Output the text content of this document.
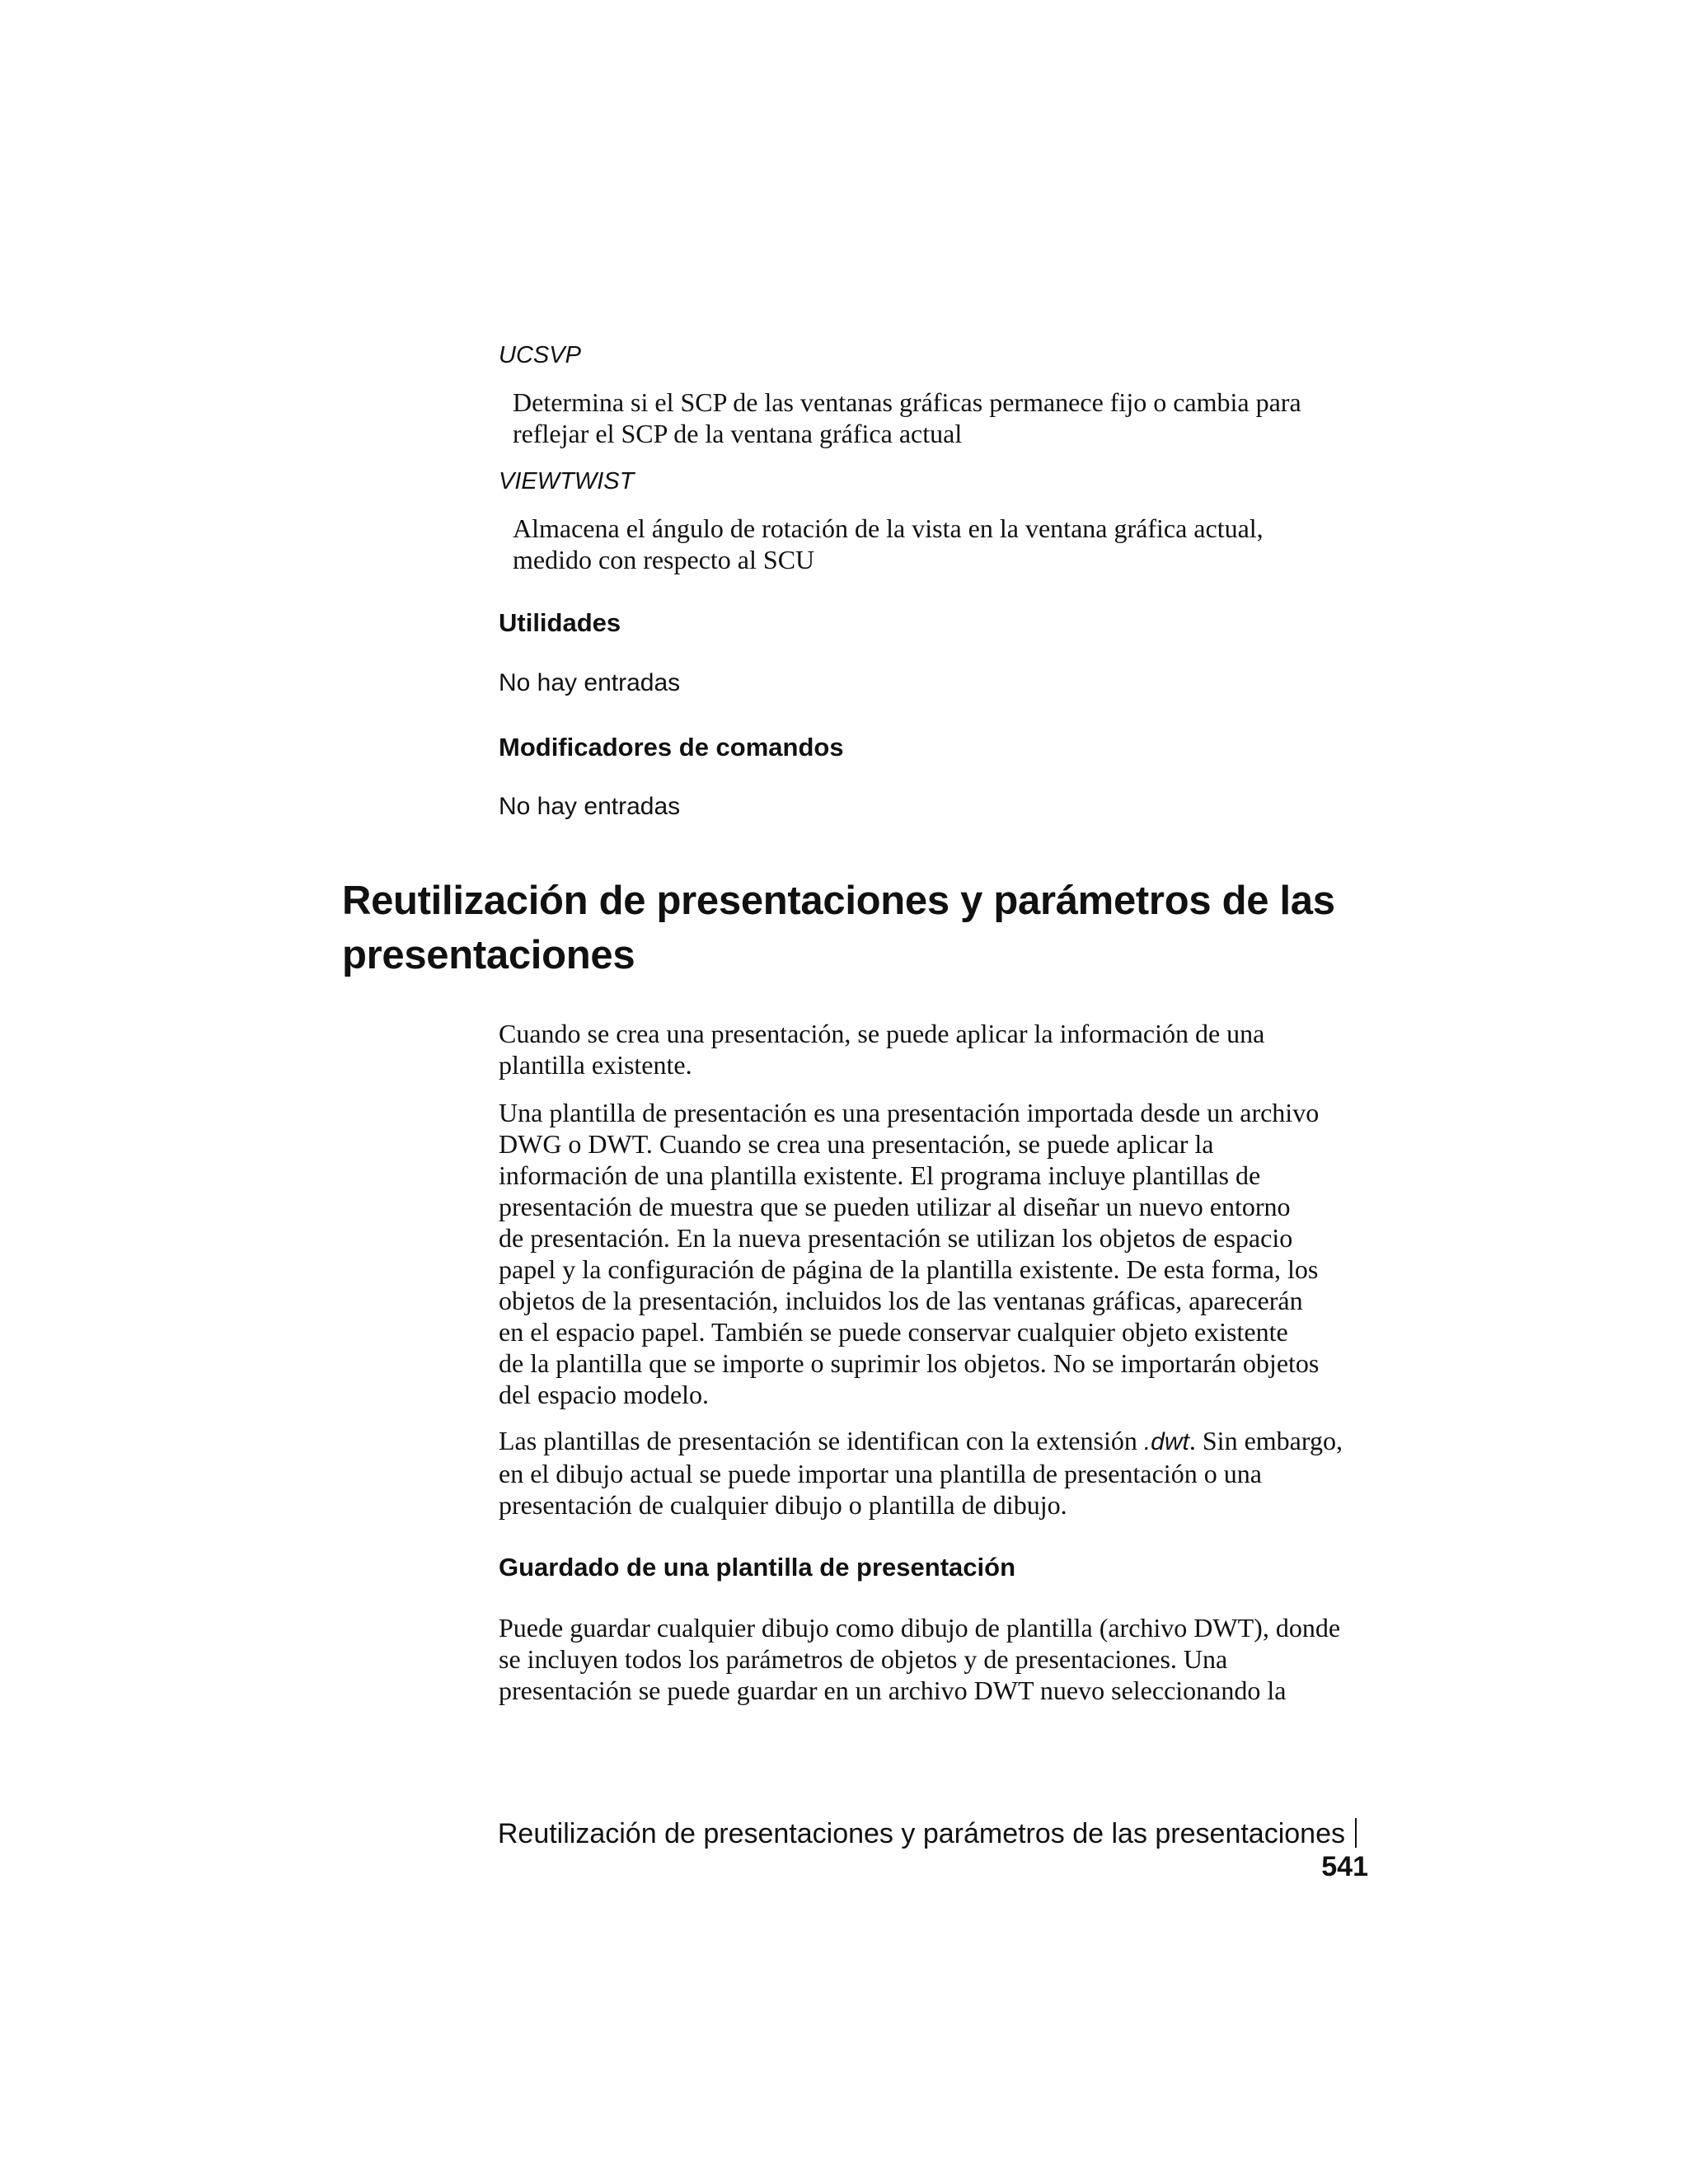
UCSVP

Determina si el SCP de las ventanas gráficas permanece fijo o cambia para

reflejar el SCP de la ventana gráfica actual

VIEWTWIST

Almacena el ángulo de rotación de la vista en la ventana gráfica actual,

medido con respecto al SCU

Utilidades

No hay entradas

Modificadores de comandos

No hay entradas

Reutilización de presentaciones y parámetros de las
presentaciones

Cuando se crea una presentación, se puede aplicar la información de una

plantilla existente.

Una plantilla de presentación es una presentación importada desde un archivo

DWG o DWT. Cuando se crea una presentación, se puede aplicar la

información de una plantilla existente. El programa incluye plantillas de

presentación de muestra que se pueden utilizar al diseñar un nuevo entorno

de presentación. En la nueva presentación se utilizan los objetos de espacio

papel y la configuración de página de la plantilla existente. De esta forma, los

objetos de la presentación, incluidos los de las ventanas gráficas, aparecerán

en el espacio papel. También se puede conservar cualquier objeto existente

de la plantilla que se importe o suprimir los objetos. No se importarán objetos

del espacio modelo.

Las plantillas de presentación se identifican con la extensión .dwt. Sin embargo,

en el dibujo actual se puede importar una plantilla de presentación o una

presentación de cualquier dibujo o plantilla de dibujo.

Guardado de una plantilla de presentación

Puede guardar cualquier dibujo como dibujo de plantilla (archivo DWT), donde

se incluyen todos los parámetros de objetos y de presentaciones. Una

presentación se puede guardar en un archivo DWT nuevo seleccionando la

Reutilización de presentaciones y parámetros de las presentaciones541
